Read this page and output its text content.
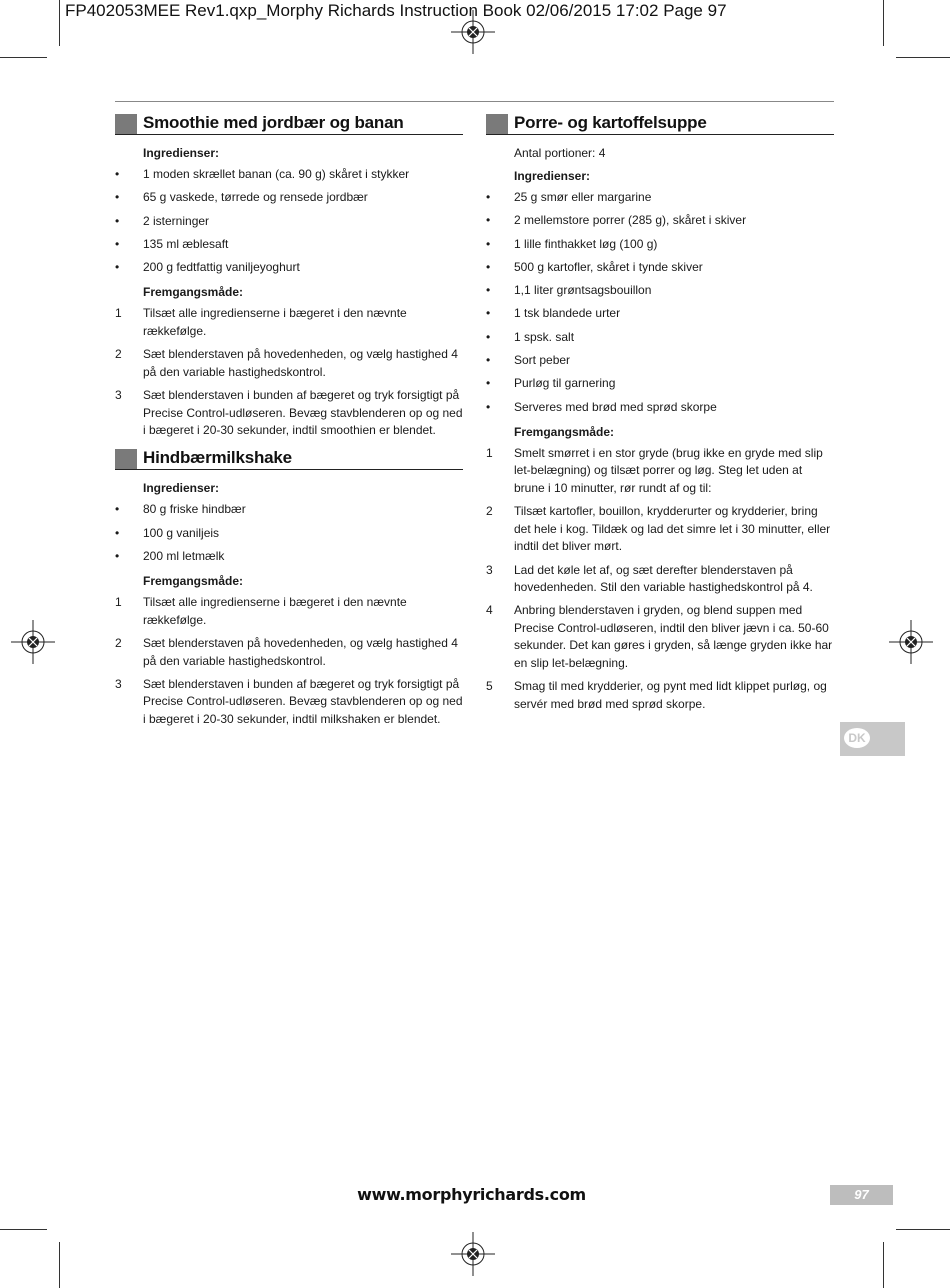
FP402053MEE Rev1.qxp_Morphy Richards Instruction Book 02/06/2015 17:02 Page 97
Smoothie med jordbær og banan
Ingredienser:
•	1 moden skrællet banan (ca. 90 g) skåret i stykker
•	65 g vaskede, tørrede og rensede jordbær
•	2 isterninger
•	135 ml æblesaft
•	200 g fedtfattig vaniljeyoghurt
Fremgangsmåde:
1	Tilsæt alle ingredienserne i bægeret i den nævnte rækkefølge.
2	Sæt blenderstaven på hovedenheden, og vælg hastighed 4 på den variable hastighedskontrol.
3	Sæt blenderstaven i bunden af bægeret og tryk forsigtigt på Precise Control-udløseren. Bevæg stavblenderen op og ned i bægeret i 20-30 sekunder, indtil smoothien er blendet.
Hindbærmilkshake
Ingredienser:
•	80 g friske hindbær
•	100 g vaniljeis
•	200 ml letmælk
Fremgangsmåde:
1	Tilsæt alle ingredienserne i bægeret i den nævnte rækkefølge.
2	Sæt blenderstaven på hovedenheden, og vælg hastighed 4 på den variable hastighedskontrol.
3	Sæt blenderstaven i bunden af bægeret og tryk forsigtigt på Precise Control-udløseren. Bevæg stavblenderen op og ned i bægeret i 20-30 sekunder, indtil milkshaken er blendet.
Porre- og kartoffelsuppe
Antal portioner: 4
Ingredienser:
•	25 g smør eller margarine
•	2 mellemstore porrer (285 g), skåret i skiver
•	1 lille finthakket løg (100 g)
•	500 g kartofler, skåret i tynde skiver
•	1,1 liter grøntsagsbouillon
•	1 tsk blandede urter
•	1 spsk. salt
•	Sort peber
•	Purløg til garnering
•	Serveres med brød med sprød skorpe
Fremgangsmåde:
1	Smelt smørret i en stor gryde (brug ikke en gryde med slip let-belægning) og tilsæt porrer og løg. Steg let uden at brune i 10 minutter, rør rundt af og til:
2	Tilsæt kartofler, bouillon, krydderurter og krydderier, bring det hele i kog. Tildæk og lad det simre let i 30 minutter, eller indtil det bliver mørt.
3	Lad det køle let af, og sæt derefter blenderstaven på hovedenheden. Stil den variable hastighedskontrol på 4.
4	Anbring blenderstaven i gryden, og blend suppen med Precise Control-udløseren, indtil den bliver jævn i ca. 50-60 sekunder. Det kan gøres i gryden, så længe gryden ikke har en slip let-belægning.
5	Smag til med krydderier, og pynt med lidt klippet purløg, og servér med brød med sprød skorpe.
DK
www.morphyrichards.com	97
